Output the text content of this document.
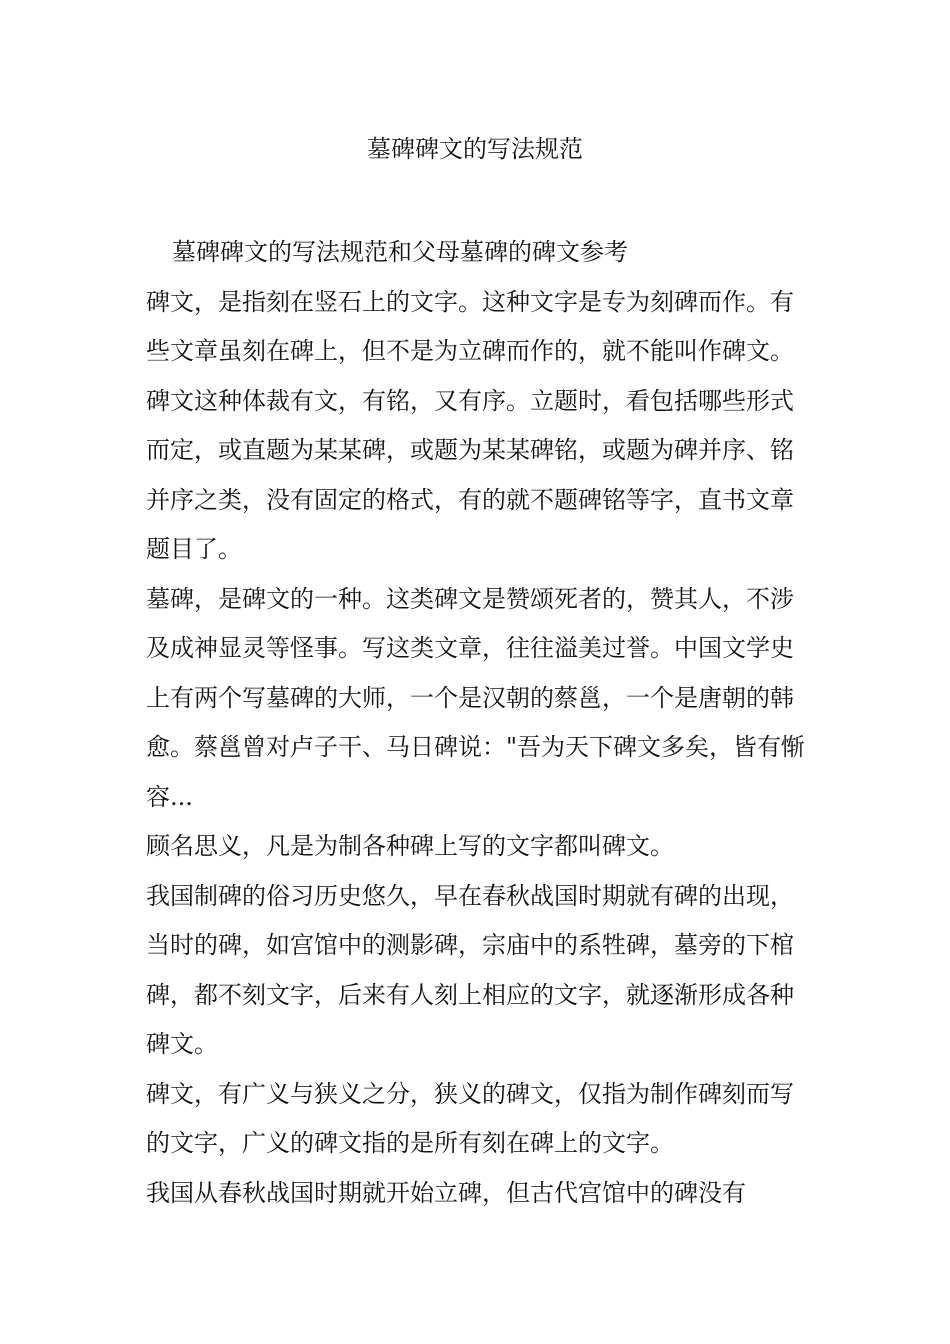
墓碑碑文的写法规范

墓碑碑文的写法规范和父母墓碑的碑文参考

碑文，是指刻在竖石上的文字。这种文字是专为刻碑而作。有些文章虽刻在碑上，但不是为立碑而作的，就不能叫作碑文。碑文这种体裁有文，有铭，又有序。立题时，看包括哪些形式而定，或直题为某某碑，或题为某某碑铭，或题为碑并序、铭并序之类，没有固定的格式，有的就不题碑铭等字，直书文章题目了。

墓碑，是碑文的一种。这类碑文是赞颂死者的，赞其人，不涉及成神显灵等怪事。写这类文章，往往溢美过誉。中国文学史上有两个写墓碑的大师，一个是汉朝的蔡邕，一个是唐朝的韩愈。蔡邕曾对卢子干、马日碑说："吾为天下碑文多矣，皆有惭容...

顾名思义，凡是为制各种碑上写的文字都叫碑文。

我国制碑的俗习历史悠久，早在春秋战国时期就有碑的出现，当时的碑，如宫馆中的测影碑，宗庙中的系牲碑，墓旁的下棺碑，都不刻文字，后来有人刻上相应的文字，就逐渐形成各种碑文。

碑文，有广义与狭义之分，狭义的碑文，仅指为制作碑刻而写的文字，广义的碑文指的是所有刻在碑上的文字。

我国从春秋战国时期就开始立碑，但古代宫馆中的碑没有
